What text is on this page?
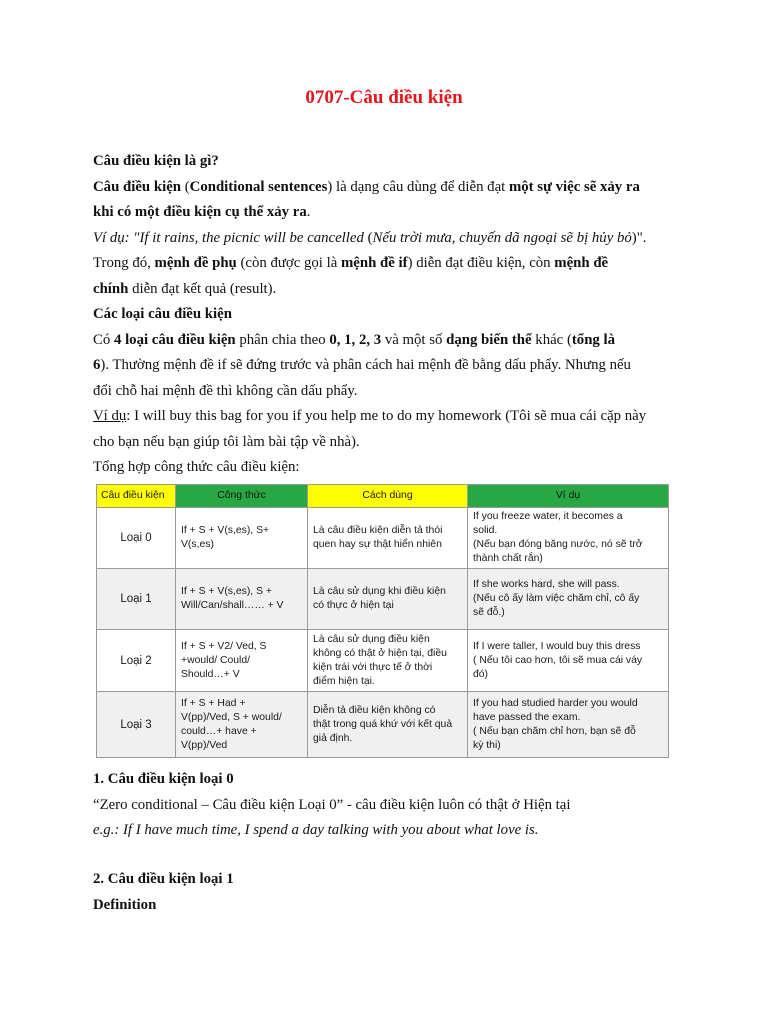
0707-Câu điều kiện
Câu điều kiện là gì?
Câu điều kiện (Conditional sentences) là dạng câu dùng để diễn đạt một sự việc sẽ xảy ra
khi có một điều kiện cụ thể xảy ra.
Ví dụ: "If it rains, the picnic will be cancelled (Nếu trời mưa, chuyến dã ngoại sẽ bị hủy bỏ)".
Trong đó, mệnh đề phụ (còn được gọi là mệnh đề if) diễn đạt điều kiện, còn mệnh đề
chính diễn đạt kết quả (result).
Các loại câu điều kiện
Có 4 loại câu điều kiện phân chia theo 0, 1, 2, 3 và một số dạng biến thể khác (tổng là
6). Thường mệnh đề if sẽ đứng trước và phân cách hai mệnh đề bằng dấu phẩy. Nhưng nếu
đổi chỗ hai mệnh đề thì không cần dấu phẩy.
Ví dụ: I will buy this bag for you if you help me to do my homework (Tôi sẽ mua cái cặp này
cho bạn nếu bạn giúp tôi làm bài tập về nhà).
Tổng hợp công thức câu điều kiện:
Câu điều kiện	Công thức	Cách dùng	Ví dụ
Loại 0	If + S + V(s,es), S+
V(s,es)	Là câu điều kiện diễn tả thói
quen hay sự thật hiển nhiên	If you freeze water, it becomes a
solid.
(Nếu bạn đóng băng nước, nó sẽ trở
thành chất rắn)
Loại 1	If + S + V(s,es), S +
Will/Can/shall…… + V	Là câu sử dụng khi điều kiện
có thực ở hiện tại	If she works hard, she will pass.
(Nếu cô ấy làm việc chăm chỉ, cô ấy
sẽ đỗ.)
Loại 2	If + S + V2/ Ved, S
+would/ Could/
Should…+ V	Là câu sử dụng điều kiện
không có thật ở hiện tại, điều
kiện trái với thực tế ở thời
điểm hiện tại.	If I were taller, I would buy this dress
( Nếu tôi cao hơn, tôi sẽ mua cái váy
đó)
Loại 3	If + S + Had +
V(pp)/Ved, S + would/
could…+ have +
V(pp)/Ved	Diễn tả điều kiện không có
thật trong quá khứ với kết quả
giả định.	If you had studied harder you would
have passed the exam.
( Nếu bạn chăm chỉ hơn, bạn sẽ đỗ
kỳ thi)
1. Câu điều kiện loại 0
“Zero conditional – Câu điều kiện Loại 0” - câu điều kiện luôn có thật ở Hiện tại
e.g.: If I have much time, I spend a day talking with you about what love is.
2. Câu điều kiện loại 1
Definition
